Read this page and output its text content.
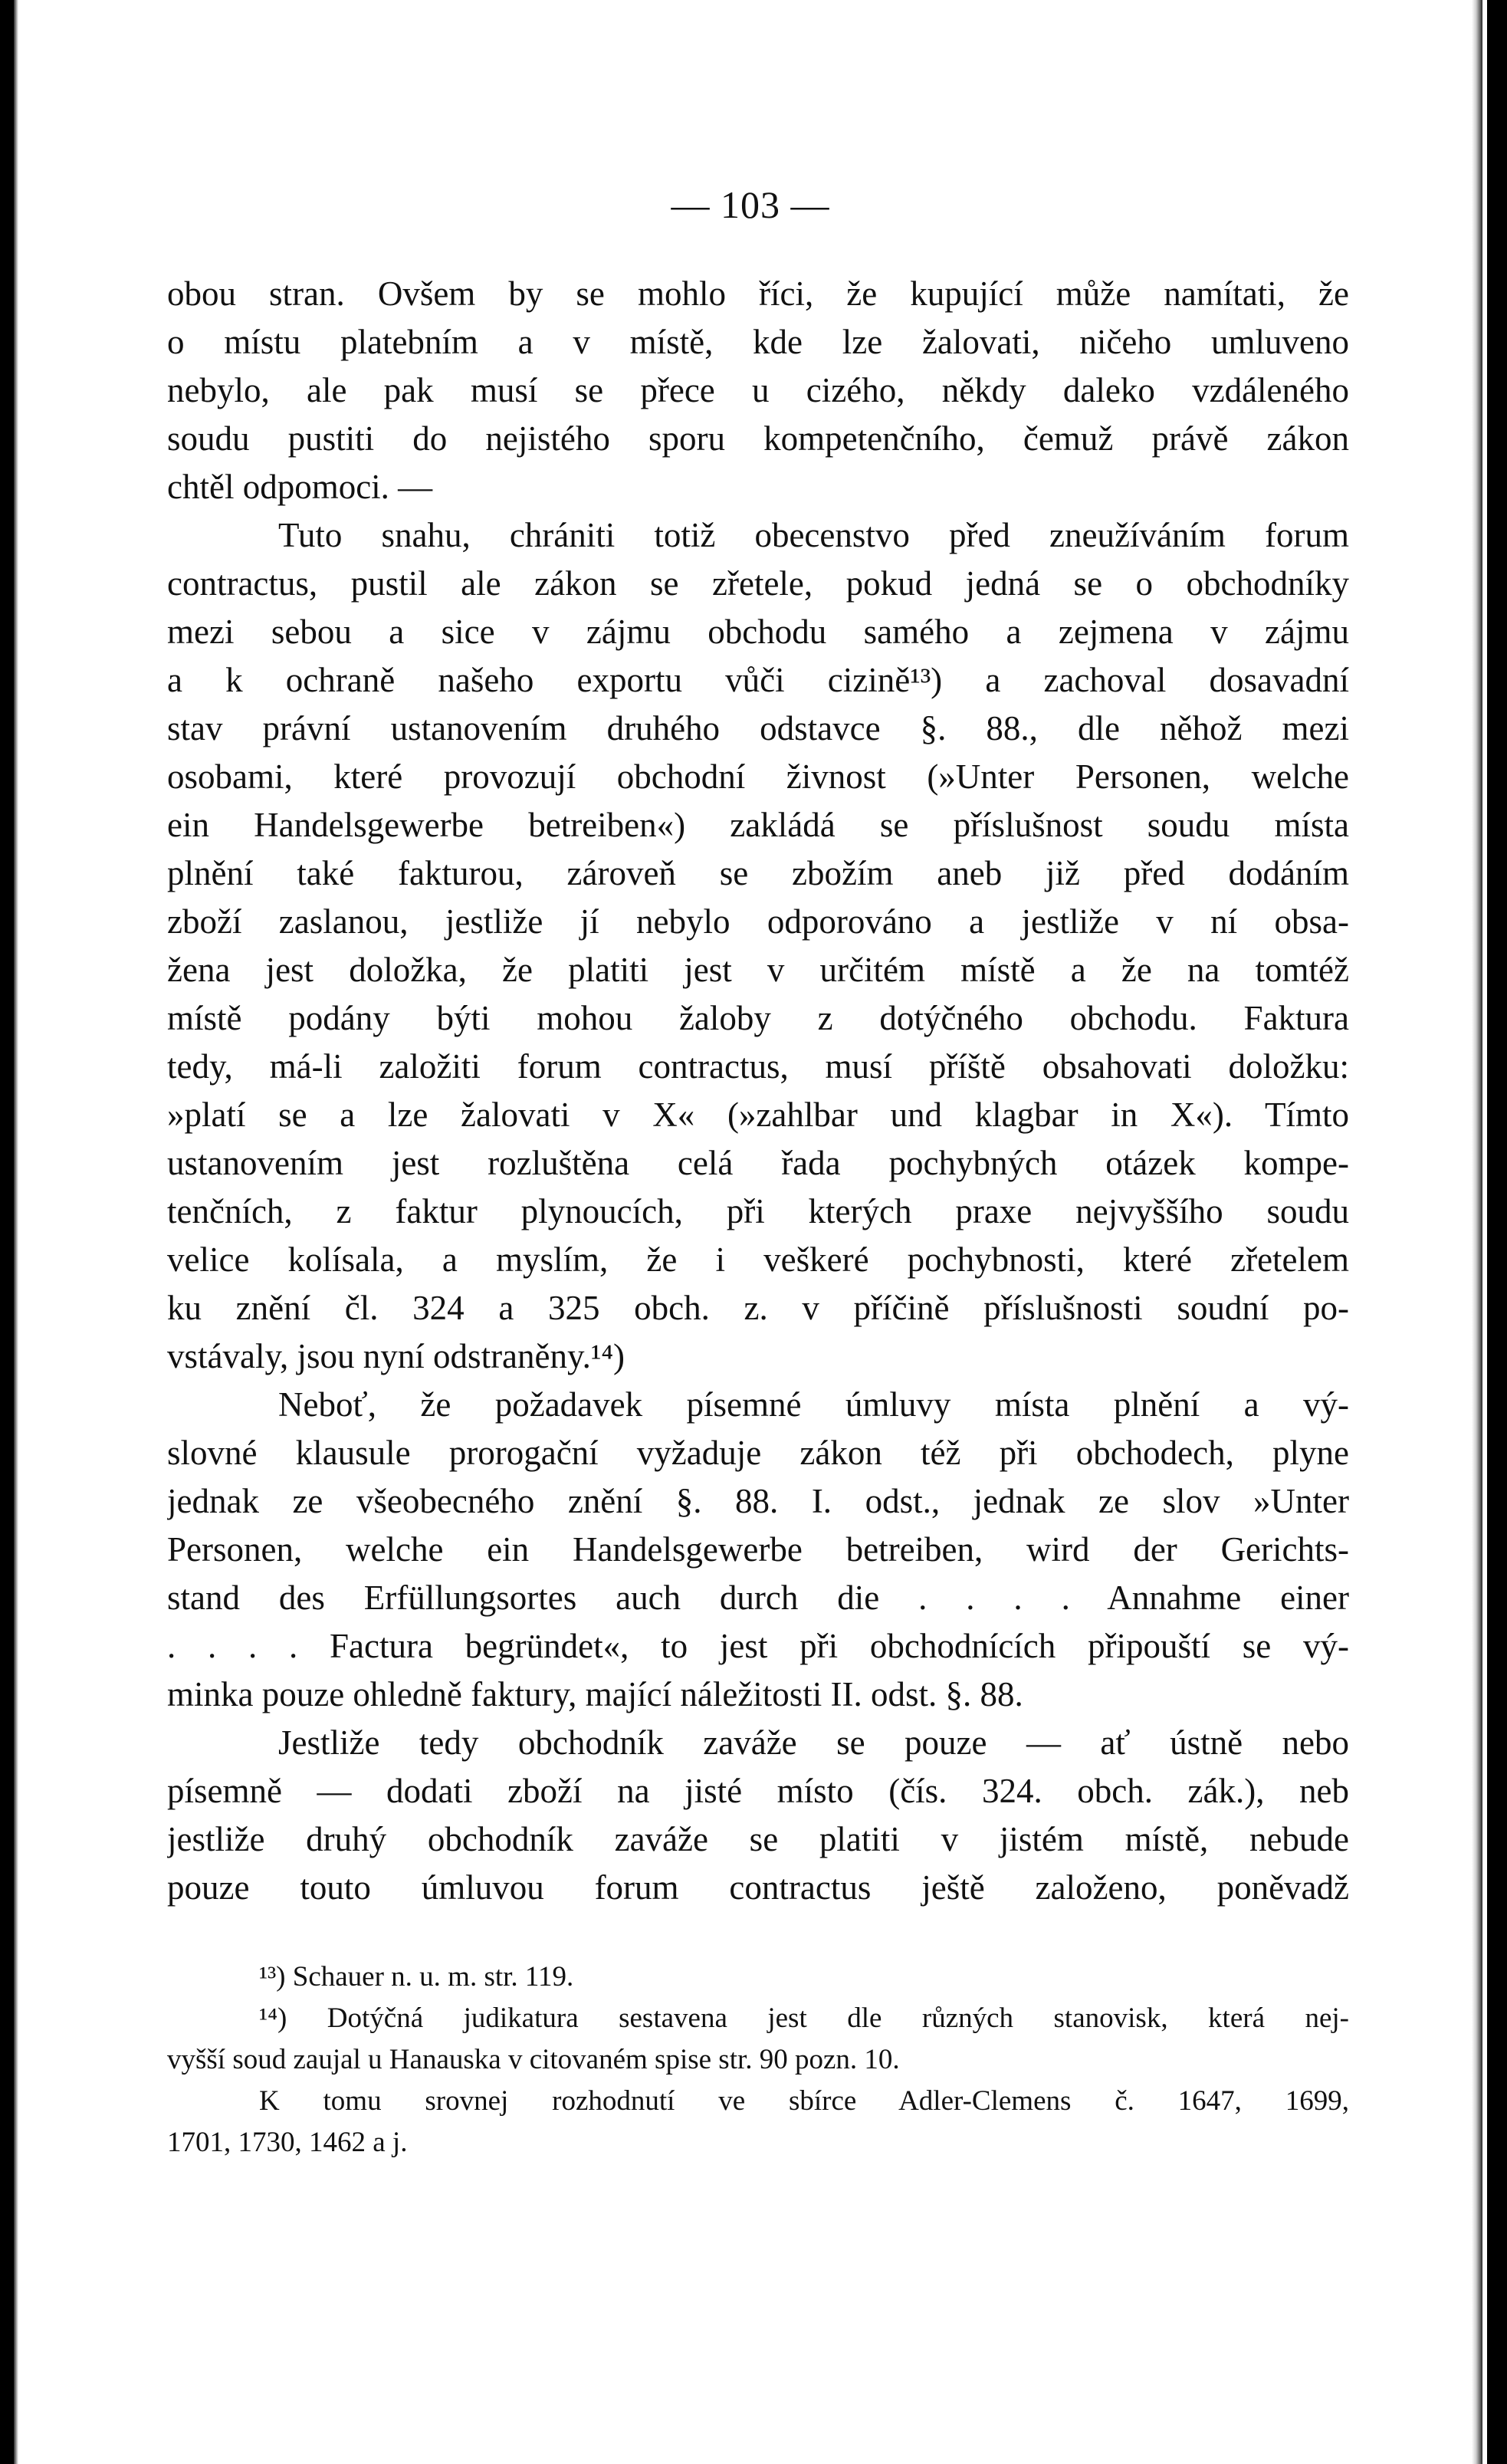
— 103 —
obou stran. Ovšem by se mohlo říci, že kupující může namítati, že
o místu platebním a v místě, kde lze žalovati, ničeho umluveno
nebylo, ale pak musí se přece u cizého, někdy daleko vzdáleného
soudu pustiti do nejistého sporu kompetenčního, čemuž právě zákon
chtěl odpomoci. —
Tuto snahu, chrániti totiž obecenstvo před zneužíváním forum
contractus, pustil ale zákon se zřetele, pokud jedná se o obchodníky
mezi sebou a sice v zájmu obchodu samého a zejmena v zájmu
a k ochraně našeho exportu vůči cizině¹³) a zachoval dosavadní
stav právní ustanovením druhého odstavce §. 88., dle něhož mezi
osobami, které provozují obchodní živnost (»Unter Personen, welche
ein Handelsgewerbe betreiben«) zakládá se příslušnost soudu místa
plnění také fakturou, zároveň se zbožím aneb již před dodáním
zboží zaslanou, jestliže jí nebylo odporováno a jestliže v ní obsa-
žena jest doložka, že platiti jest v určitém místě a že na tomtéž
místě podány býti mohou žaloby z dotýčného obchodu. Faktura
tedy, má-li založiti forum contractus, musí příště obsahovati doložku:
»platí se a lze žalovati v X« (»zahlbar und klagbar in X«). Tímto
ustanovením jest rozluštěna celá řada pochybných otázek kompe-
tenčních, z faktur plynoucích, při kterých praxe nejvyššího soudu
velice kolísala, a myslím, že i veškeré pochybnosti, které zřetelem
ku znění čl. 324 a 325 obch. z. v příčině příslušnosti soudní po-
vstávaly, jsou nyní odstraněny.¹⁴)
Neboť, že požadavek písemné úmluvy místa plnění a vý-
slovné klausule prorogační vyžaduje zákon též při obchodech, plyne
jednak ze všeobecného znění §. 88. I. odst., jednak ze slov »Unter
Personen, welche ein Handelsgewerbe betreiben, wird der Gerichts-
stand des Erfüllungsortes auch durch die . . . . Annahme einer
. . . . Factura begründet«, to jest při obchodnících připouští se vý-
minka pouze ohledně faktury, mající náležitosti II. odst. §. 88.
Jestliže tedy obchodník zaváže se pouze — ať ústně nebo
písemně — dodati zboží na jisté místo (čís. 324. obch. zák.), neb
jestliže druhý obchodník zaváže se platiti v jistém místě, nebude
pouze touto úmluvou forum contractus ještě založeno, poněvadž
¹³) Schauer n. u. m. str. 119.
¹⁴) Dotýčná judikatura sestavena jest dle různých stanovisk, která nej-
vyšší soud zaujal u Hanauska v citovaném spise str. 90 pozn. 10.
K tomu srovnej rozhodnutí ve sbírce Adler-Clemens č. 1647, 1699,
1701, 1730, 1462 a j.
